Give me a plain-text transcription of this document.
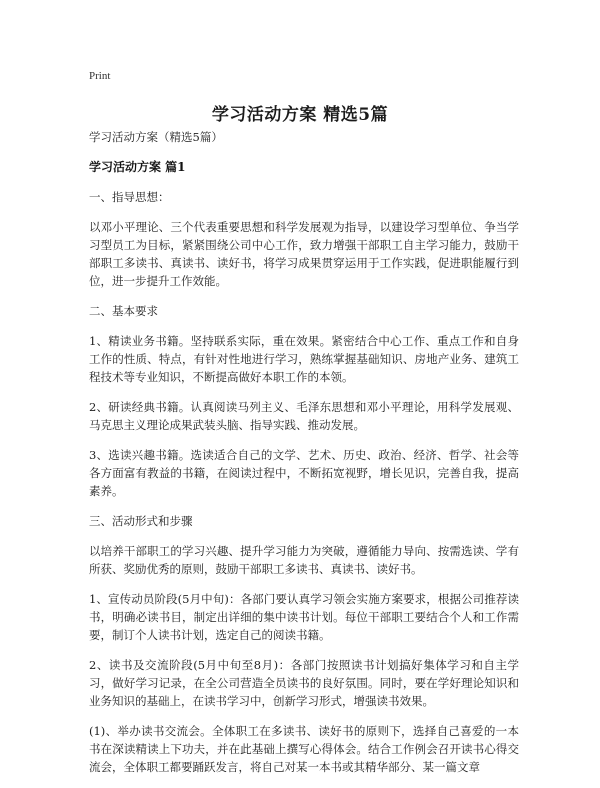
Print
学习活动方案 精选5篇

学习活动方案（精选5篇）

学习活动方案 篇1

一、指导思想：

以邓小平理论、三个代表重要思想和科学发展观为指导，以建设学习型单位、争当学习型员工为目标，紧紧围绕公司中心工作，致力增强干部职工自主学习能力，鼓励干部职工多读书、真读书、读好书，将学习成果贯穿运用于工作实践，促进职能履行到位，进一步提升工作效能。

二、基本要求

1、精读业务书籍。坚持联系实际，重在效果。紧密结合中心工作、重点工作和自身工作的性质、特点，有针对性地进行学习，熟练掌握基础知识、房地产业务、建筑工程技术等专业知识，不断提高做好本职工作的本领。

2、研读经典书籍。认真阅读马列主义、毛泽东思想和邓小平理论，用科学发展观、马克思主义理论成果武装头脑、指导实践、推动发展。

3、选读兴趣书籍。选读适合自己的文学、艺术、历史、政治、经济、哲学、社会等各方面富有教益的书籍，在阅读过程中，不断拓宽视野，增长见识，完善自我，提高素养。

三、活动形式和步骤

以培养干部职工的学习兴趣、提升学习能力为突破，遵循能力导向、按需选读、学有所获、奖励优秀的原则，鼓励干部职工多读书、真读书、读好书。

1、宣传动员阶段(5月中旬)：各部门要认真学习领会实施方案要求，根据公司推荐读书，明确必读书目，制定出详细的集中读书计划。每位干部职工要结合个人和工作需要，制订个人读书计划，选定自己的阅读书籍。

2、读书及交流阶段(5月中旬至8月)：各部门按照读书计划搞好集体学习和自主学习，做好学习记录，在全公司营造全员读书的良好氛围。同时，要在学好理论知识和业务知识的基础上，在读书学习中，创新学习形式，增强读书效果。

(1)、举办读书交流会。全体职工在多读书、读好书的原则下，选择自己喜爱的一本书在深读精读上下功夫，并在此基础上撰写心得体会。结合工作例会召开读书心得交流会，全体职工都要踊跃发言，将自己对某一本书或其精华部分、某一篇文章
